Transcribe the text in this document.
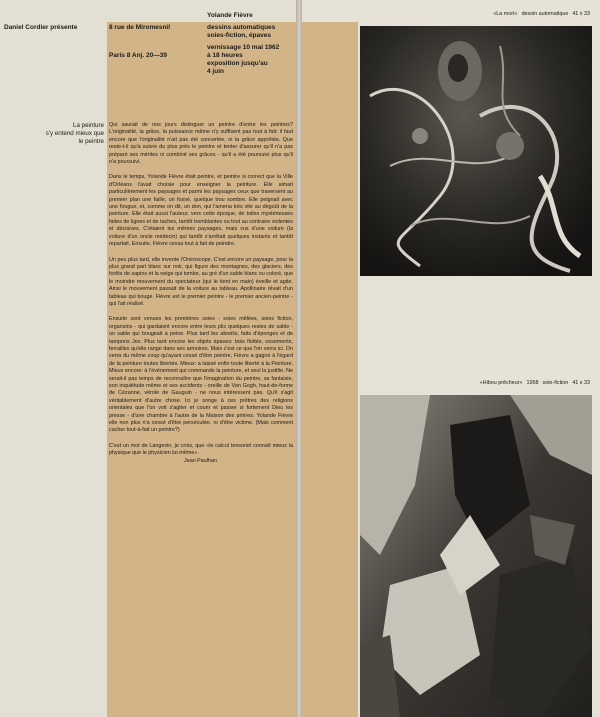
Daniel Cordier présente	8 rue de Miromesnil

Paris 8 Anj. 20—39

Yolande Fièvre
dessins automatiques
soies-fiction, épaves
vernissage 10 mai 1962
à 18 heures
exposition jusqu'au
4 juin
La peinture
s'y entend mieux que le peintre

Qui saurait de nos jours distinguer un peintre d'entre les peintres? L'originalité, la grâce, la puissance même n'y suffisent pas tout à fait: il faut encore que l'originalité n'ait pas été concertée, ni la grâce apprêtée. Que reste-t-il qu'a suivre du plus près le peintre et tenter d'assurer qu'il n'a pas préparé ses mérites ni combiné ses grâces - qu'il a été poursuivi plus qu'il n'a poursuivi.

Dans le temps, Yolande Fièvre était peintre, et peintre si correct que la Ville d'Orléans l'avait choisie pour enseigner la peinture. Elle aimait particulièrement les paysages et parmi les paysages ceux que traversent au premier plan une faille, un fossé, quelque trou sombre. Elle peignait avec une fougue, et, comme on dit, un don, qui l'amena très vite au dégoût de la peinture. Elle était aussi l'auteur, vers cette époque, de toiles mystérieuses faites de lignes et de taches, tantôt tremblantes ou tout au contraire violentes et décisives. C'étaient les mêmes paysages, mais vus d'une voiture (la voiture d'un oncle médecin) qui tantôt s'arrêtait quelques instants et tantôt repartait. Ensuite, Fièvre cessa tout à fait de peindre.

Un peu plus tard, elle invente l'Oniroscope. C'est encore un paysage, pour la plus grand part blanc sur noir, qui figure des montagnes, des glaciers, des forêts de sapins et la neige qui tombe, au gré d'un sable blanc ou coloré, que le moindre mouvement du spectateur (qui le tient en main) éveille et agite. Ainsi le mouvement passait de la voiture au tableau. Apollinaire rêvait d'un tableau qui bouge. Fièvre est le premier peintre - le premier ancien-peintre - qui l'ait réalisé.

Ensuite sont venues les premières soies - soies mêlées, soies fiction, organsins - qui gardaient encore entre leurs plis quelques restes de sable - un sable qui bougeait à peine. Plus tard les abreilis, faits d'éponges et de tampons Jex. Plus tard encore les objets épaves: bois flottés, ossements, ferrailles qu'elle range dans ses armoires. Mais c'est ce que l'on verra ici. On verra du même coup qu'ayant cessé d'être peintre, Fièvre a gagné à l'égard de la peinture toutes libertés. Mieux: a laissé enfin toute liberté à la Peinture. Mieux encore: à l'événement qui commande la peinture, et seul la justifie. Ne serait-il pas temps de reconnaître que l'imagination du peintre, sa fantaisie, son inquiétude même et ses accidents - oreille de Van Gogh, haut-de-forme de Cézanne, vérole de Gauguin - ne nous intéressent pas. Qu'il s'agit véritablement d'autre chose. Ici je songe à ces prêtres des religions orientales que l'on voit s'agiter et courir et passer si fortement Dieu les presse - d'une chambre à l'autre de la Maison des prières. Yolande Fièvre elle non plus n'a cessé d'être persécutée, ni d'être victime. (Mais comment cacher tout-à-fait un peintre?)

C'est un mot de Langevin, je crois, que «le calcul tensoriel connaît mieux la physique que le physicien lui-même».

Jean Paulhan

«La mort» dessin automatique 41 x 33

«Hibou prêcheur» 1958 soie-fiction 41 x 33
